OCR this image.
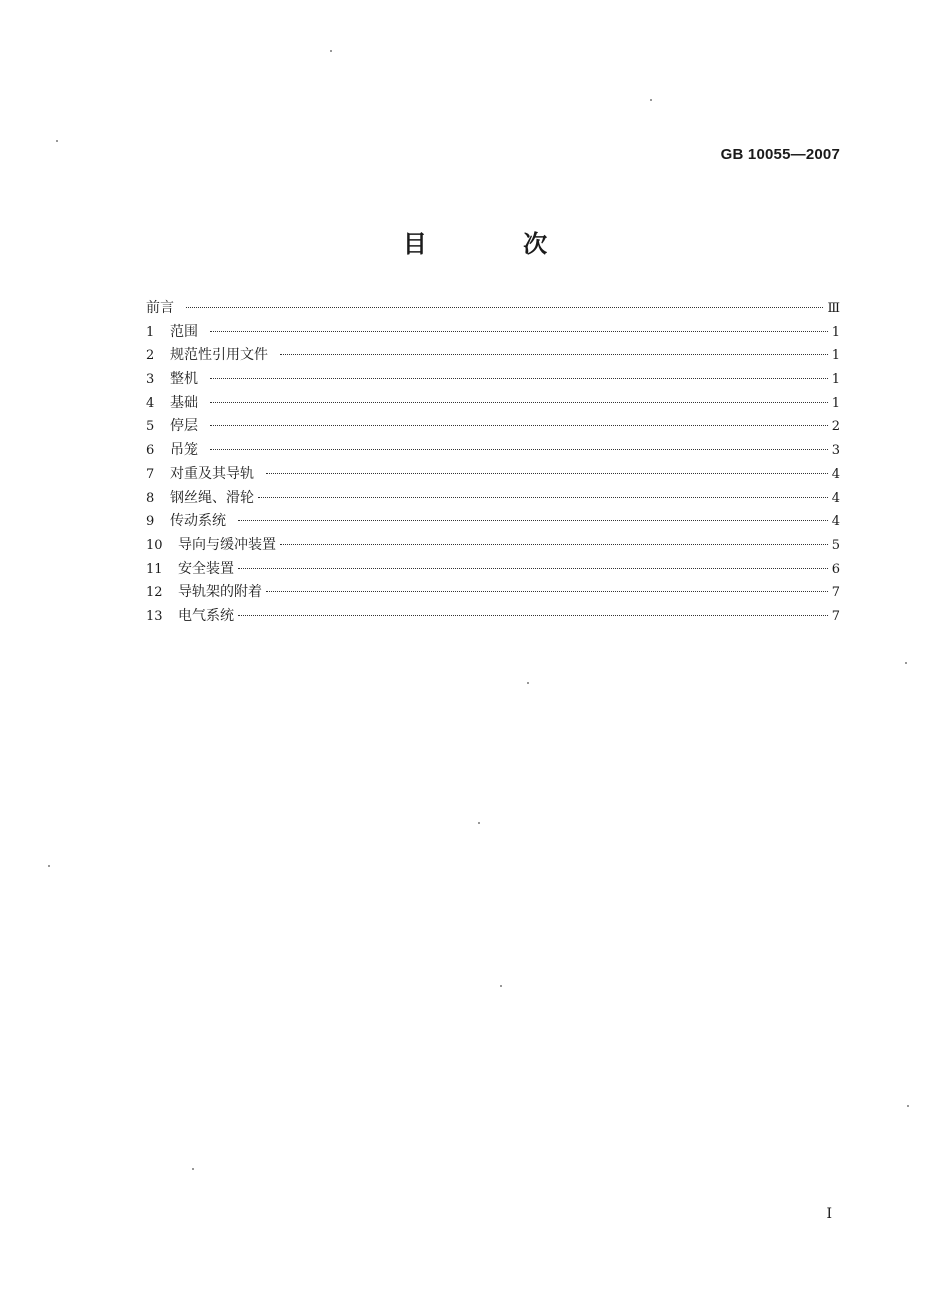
GB 10055—2007
目 次
前言	Ⅲ
1	范围	1
2	规范性引用文件	1
3	整机	1
4	基础	1
5	停层	2
6	吊笼	3
7	对重及其导轨	4
8	钢丝绳、滑轮	4
9	传动系统	4
10	导向与缓冲装置	5
11	安全装置	6
12	导轨架的附着	7
13	电气系统	7
I
